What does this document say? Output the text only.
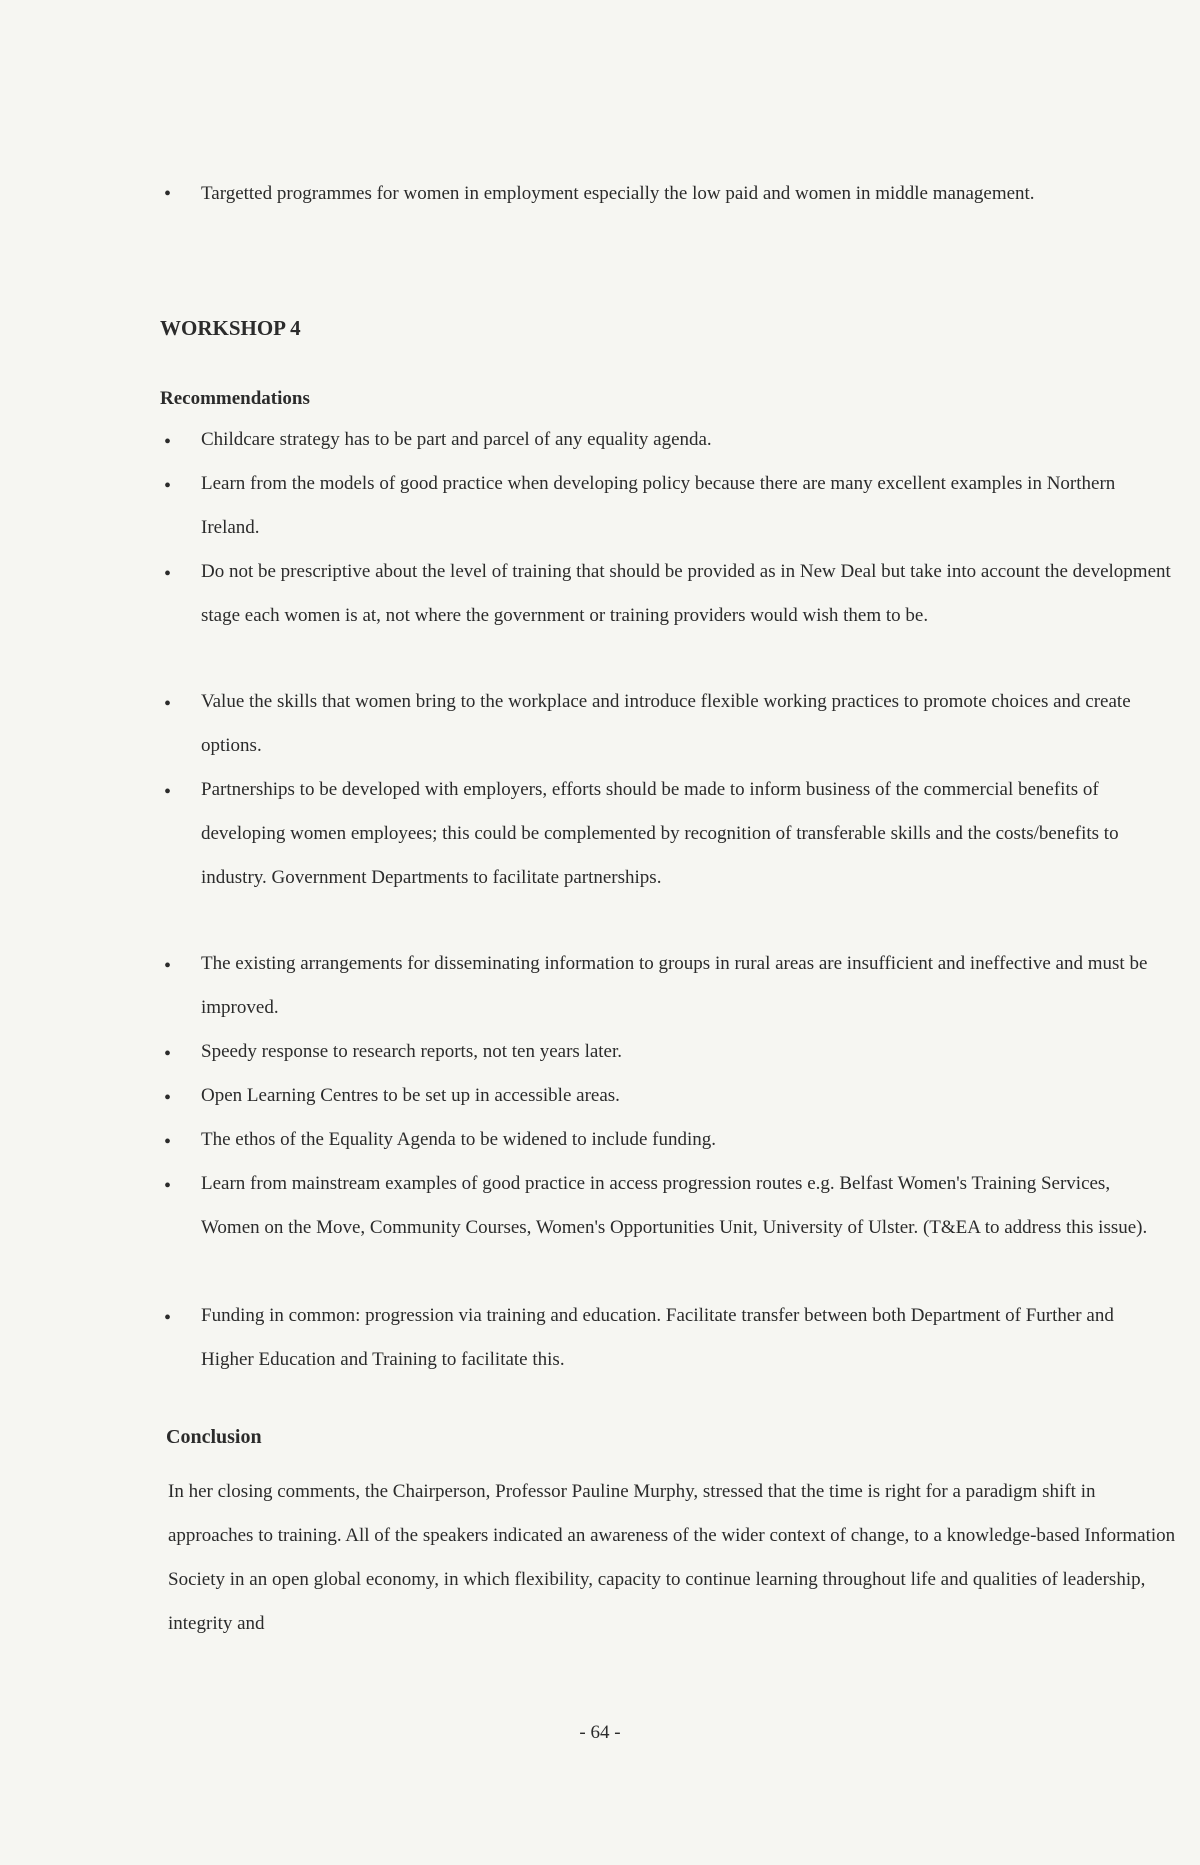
• Targetted programmes for women in employment especially the low paid and women in middle management.
WORKSHOP 4
Recommendations
• Childcare strategy has to be part and parcel of any equality agenda.
• Learn from the models of good practice when developing policy because there are many excellent examples in Northern Ireland.
• Do not be prescriptive about the level of training that should be provided as in New Deal but take into account the development stage each women is at, not where the government or training providers would wish them to be.
• Value the skills that women bring to the workplace and introduce flexible working practices to promote choices and create options.
• Partnerships to be developed with employers, efforts should be made to inform business of the commercial benefits of developing women employees; this could be complemented by recognition of transferable skills and the costs/benefits to industry. Government Departments to facilitate partnerships.
• The existing arrangements for disseminating information to groups in rural areas are insufficient and ineffective and must be improved.
• Speedy response to research reports, not ten years later.
• Open Learning Centres to be set up in accessible areas.
• The ethos of the Equality Agenda to be widened to include funding.
• Learn from mainstream examples of good practice in access progression routes e.g. Belfast Women's Training Services, Women on the Move, Community Courses, Women's Opportunities Unit, University of Ulster. (T&EA to address this issue).
• Funding in common: progression via training and education. Facilitate transfer between both Department of Further and Higher Education and Training to facilitate this.
Conclusion
In her closing comments, the Chairperson, Professor Pauline Murphy, stressed that the time is right for a paradigm shift in approaches to training. All of the speakers indicated an awareness of the wider context of change, to a knowledge-based Information Society in an open global economy, in which flexibility, capacity to continue learning throughout life and qualities of leadership, integrity and
- 64 -
